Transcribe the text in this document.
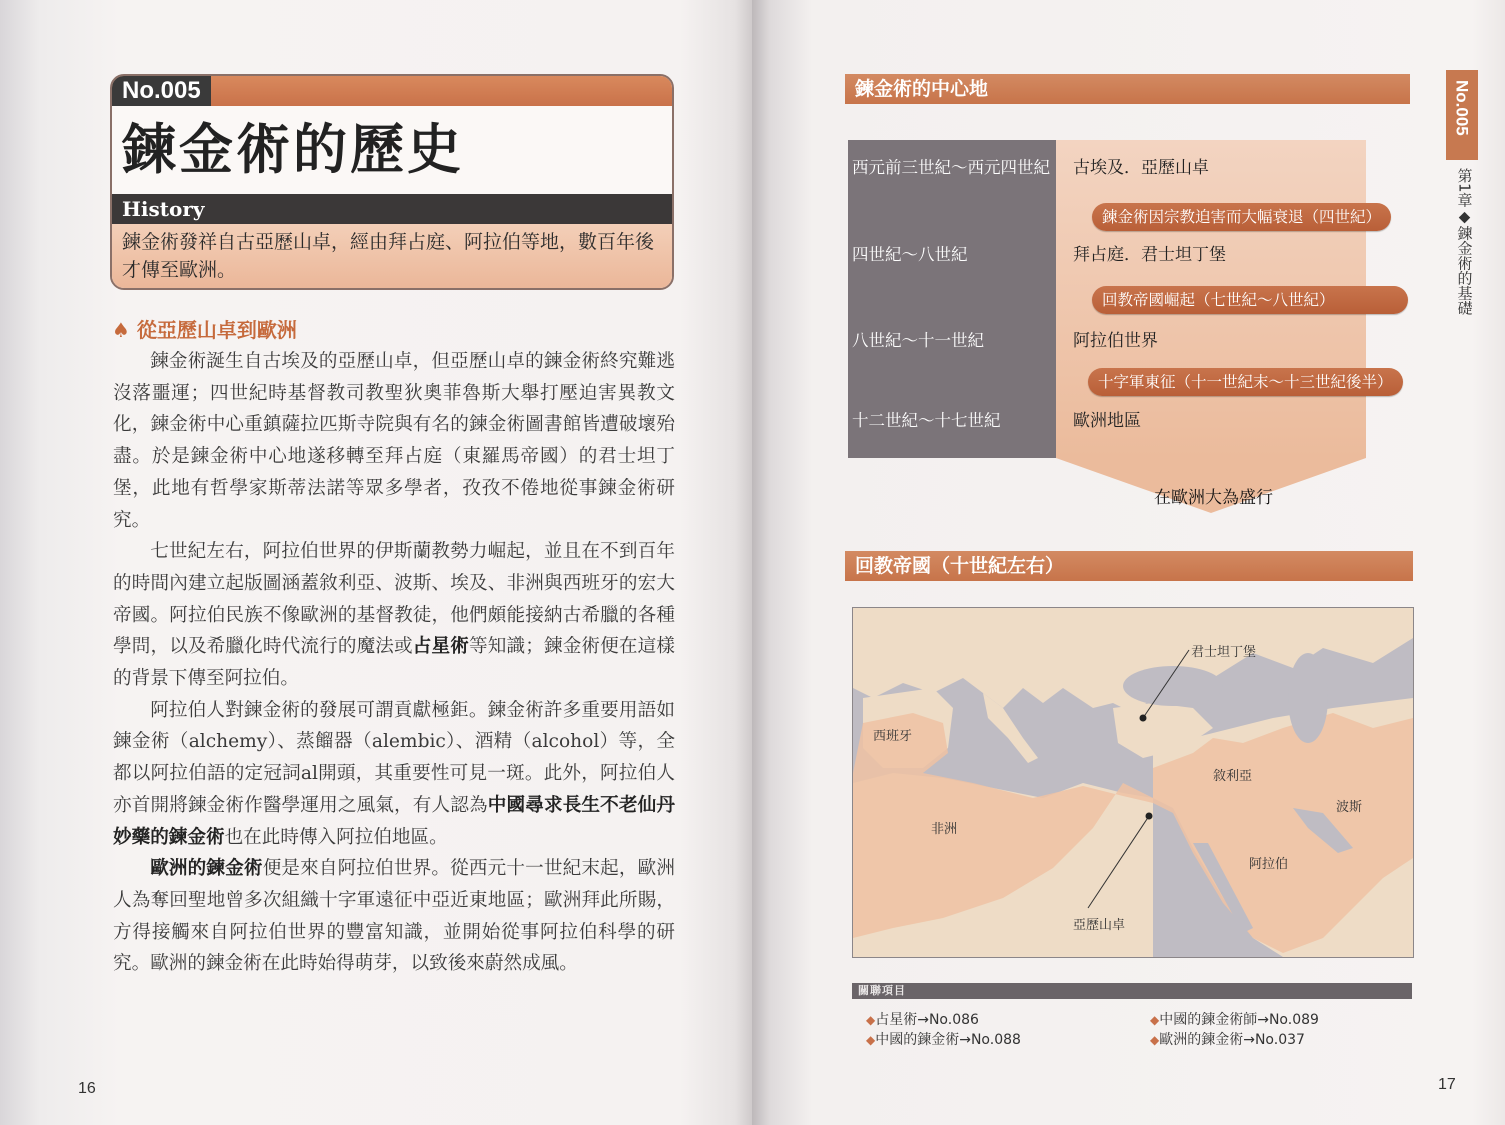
No.005
鍊金術的歷史
History
鍊金術發祥自古亞歷山卓，經由拜占庭、阿拉伯等地，數百年後才傳至歐洲。
♠ 從亞歷山卓到歐洲

鍊金術誕生自古埃及的亞歷山卓，但亞歷山卓的鍊金術終究難逃沒落噩運；四世紀時基督教司教聖狄奧菲魯斯大舉打壓迫害異教文化，鍊金術中心重鎮薩拉匹斯寺院與有名的鍊金術圖書館皆遭破壞殆盡。於是鍊金術中心地遂移轉至拜占庭（東羅馬帝國）的君士坦丁堡，此地有哲學家斯蒂法諾等眾多學者，孜孜不倦地從事鍊金術研究。

七世紀左右，阿拉伯世界的伊斯蘭教勢力崛起，並且在不到百年的時間內建立起版圖涵蓋敘利亞、波斯、埃及、非洲與西班牙的宏大帝國。阿拉伯民族不像歐洲的基督教徒，他們頗能接納古希臘的各種學問，以及希臘化時代流行的魔法或占星術等知識；鍊金術便在這樣的背景下傳至阿拉伯。

阿拉伯人對鍊金術的發展可謂貢獻極鉅。鍊金術許多重要用語如鍊金術（alchemy）、蒸餾器（alembic）、酒精（alcohol）等，全都以阿拉伯語的定冠詞al開頭，其重要性可見一斑。此外，阿拉伯人亦首開將鍊金術作醫學運用之風氣，有人認為中國尋求長生不老仙丹妙藥的鍊金術也在此時傳入阿拉伯地區。

歐洲的鍊金術便是來自阿拉伯世界。從西元十一世紀末起，歐洲人為奪回聖地曾多次組織十字軍遠征中亞近東地區；歐洲拜此所賜，方得接觸來自阿拉伯世界的豐富知識，並開始從事阿拉伯科學的研究。歐洲的鍊金術在此時始得萌芽，以致後來蔚然成風。

16
鍊金術的中心地
西元前三世紀～西元四世紀
四世紀～八世紀
八世紀～十一世紀
十二世紀～十七世紀
古埃及．亞歷山卓
拜占庭．君士坦丁堡
阿拉伯世界
歐洲地區
鍊金術因宗教迫害而大幅衰退（四世紀）
回教帝國崛起（七世紀～八世紀）
十字軍東征（十一世紀末～十三世紀後半）
在歐洲大為盛行
回教帝國（十世紀左右）
君士坦丁堡
西班牙
敘利亞
波斯
非洲
阿拉伯
亞歷山卓
關聯項目
◆占星術→No.086
◆中國的鍊金術→No.088
◆中國的鍊金術師→No.089
◆歐洲的鍊金術→No.037
No.005
第1章◆鍊金術的基礎
17
